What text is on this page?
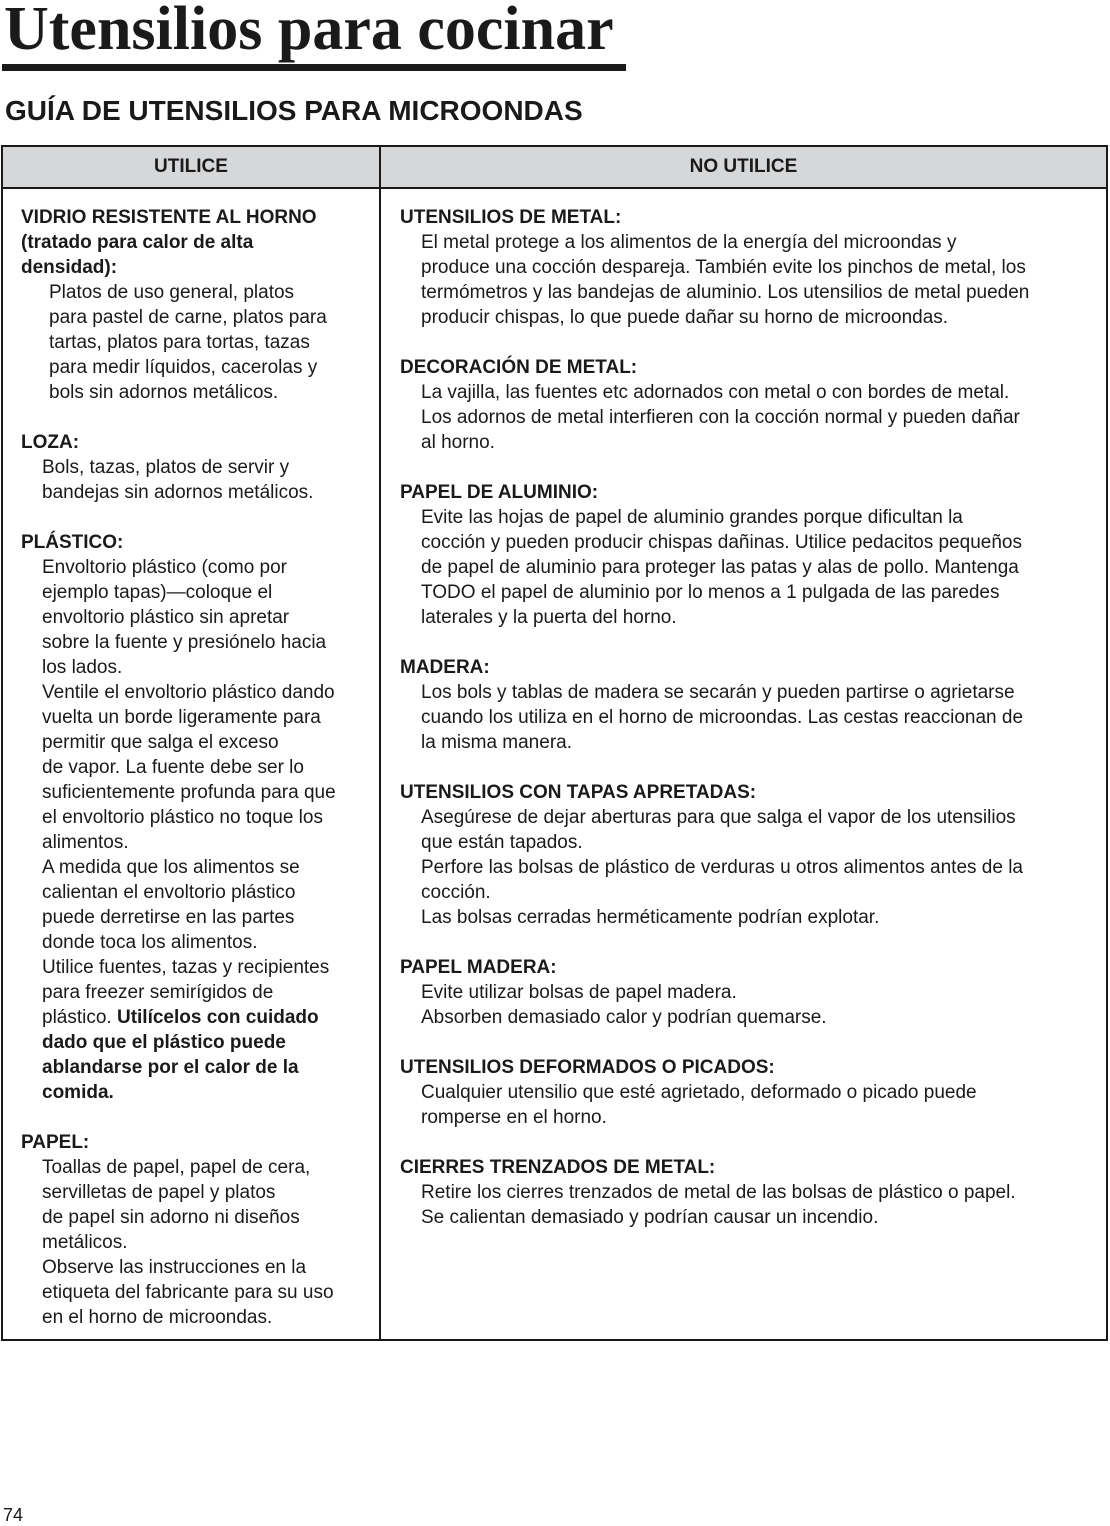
Utensilios para cocinar
GUÍA DE UTENSILIOS PARA MICROONDAS
UTILICE	NO UTILICE
VIDRIO RESISTENTE AL HORNO
(tratado para calor de alta
densidad):
Platos de uso general, platos
para pastel de carne, platos para
tartas, platos para tortas, tazas
para medir líquidos, cacerolas y
bols sin adornos metálicos.
LOZA:
Bols, tazas, platos de servir y
bandejas sin adornos metálicos.
PLÁSTICO:
Envoltorio plástico (como por
ejemplo tapas)—coloque el
envoltorio plástico sin apretar
sobre la fuente y presiónelo hacia
los lados.
Ventile el envoltorio plástico dando
vuelta un borde ligeramente para
permitir que salga el exceso
de vapor. La fuente debe ser lo
suficientemente profunda para que
el envoltorio plástico no toque los
alimentos.
A medida que los alimentos se
calientan el envoltorio plástico
puede derretirse en las partes
donde toca los alimentos.
Utilice fuentes, tazas y recipientes
para freezer semirígidos de
plástico. Utilícelos con cuidado
dado que el plástico puede
ablandarse por el calor de la
comida.
PAPEL:
Toallas de papel, papel de cera,
servilletas de papel y platos
de papel sin adorno ni diseños
metálicos.
Observe las instrucciones en la
etiqueta del fabricante para su uso
en el horno de microondas.
UTENSILIOS DE METAL:
El metal protege a los alimentos de la energía del microondas y
produce una cocción despareja. También evite los pinchos de metal, los
termómetros y las bandejas de aluminio. Los utensilios de metal pueden
producir chispas, lo que puede dañar su horno de microondas.
DECORACIÓN DE METAL:
La vajilla, las fuentes etc adornados con metal o con bordes de metal.
Los adornos de metal interfieren con la cocción normal y pueden dañar
al horno.
PAPEL DE ALUMINIO:
Evite las hojas de papel de aluminio grandes porque dificultan la
cocción y pueden producir chispas dañinas. Utilice pedacitos pequeños
de papel de aluminio para proteger las patas y alas de pollo. Mantenga
TODO el papel de aluminio por lo menos a 1 pulgada de las paredes
laterales y la puerta del horno.
MADERA:
Los bols y tablas de madera se secarán y pueden partirse o agrietarse
cuando los utiliza en el horno de microondas. Las cestas reaccionan de
la misma manera.
UTENSILIOS CON TAPAS APRETADAS:
Asegúrese de dejar aberturas para que salga el vapor de los utensilios
que están tapados.
Perfore las bolsas de plástico de verduras u otros alimentos antes de la
cocción.
Las bolsas cerradas herméticamente podrían explotar.
PAPEL MADERA:
Evite utilizar bolsas de papel madera.
Absorben demasiado calor y podrían quemarse.
UTENSILIOS DEFORMADOS O PICADOS:
Cualquier utensilio que esté agrietado, deformado o picado puede
romperse en el horno.
CIERRES TRENZADOS DE METAL:
Retire los cierres trenzados de metal de las bolsas de plástico o papel.
Se calientan demasiado y podrían causar un incendio.
74
